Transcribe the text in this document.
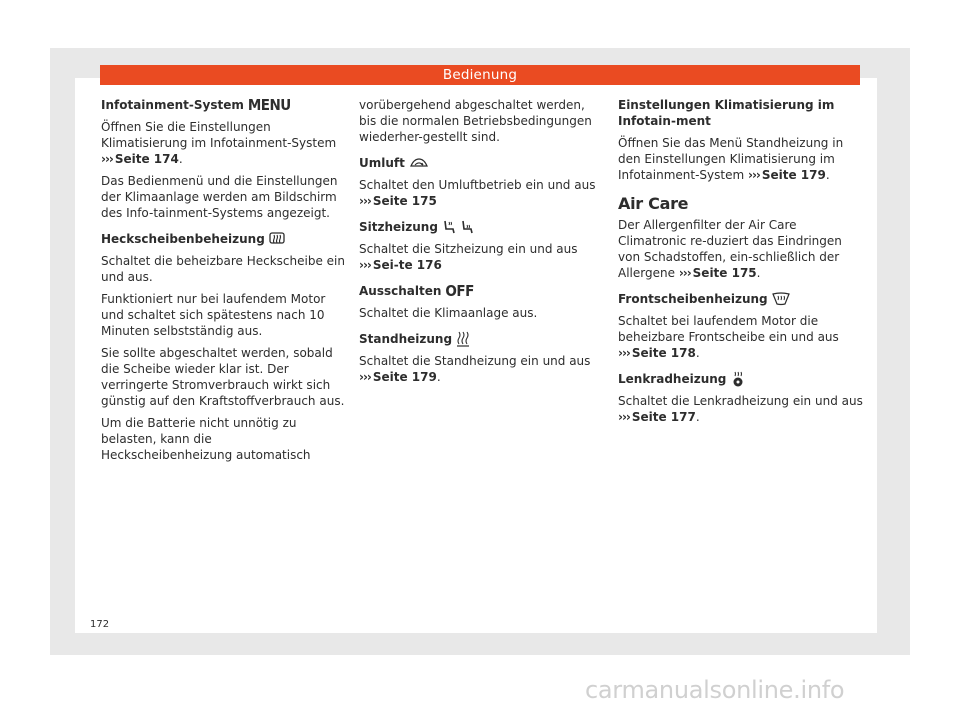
Bedienung
Infotainment-System MENU

Öffnen Sie die Einstellungen Klimatisierung im Infotainment-System ››› Seite 174.

Das Bedienmenü und die Einstellungen der Klimaanlage werden am Bildschirm des Info-tainment-Systems angezeigt.

Heckscheibenbeheizung

Schaltet die beheizbare Heckscheibe ein und aus.

Funktioniert nur bei laufendem Motor und schaltet sich spätestens nach 10 Minuten selbstständig aus.

Sie sollte abgeschaltet werden, sobald die Scheibe wieder klar ist. Der verringerte Stromverbrauch wirkt sich günstig auf den Kraftstoffverbrauch aus.

Um die Batterie nicht unnötig zu belasten, kann die Heckscheibenheizung automatisch

vorübergehend abgeschaltet werden, bis die normalen Betriebsbedingungen wiederher-gestellt sind.

Umluft

Schaltet den Umluftbetrieb ein und aus
››› Seite 175

Sitzheizung

Schaltet die Sitzheizung ein und aus ››› Sei-te 176

Ausschalten OFF

Schaltet die Klimaanlage aus.

Standheizung

Schaltet die Standheizung ein und aus
››› Seite 179.

Einstellungen Klimatisierung im Infotain-ment

Öffnen Sie das Menü Standheizung in den Einstellungen Klimatisierung im Infotainment-System ››› Seite 179.

Air Care

Der Allergenfilter der Air Care Climatronic re-duziert das Eindringen von Schadstoffen, ein-schließlich der Allergene ››› Seite 175.

Frontscheibenheizung

Schaltet bei laufendem Motor die beheizbare Frontscheibe ein und aus ››› Seite 178.

Lenkradheizung

Schaltet die Lenkradheizung ein und aus
››› Seite 177.

172
carmanualsonline.info
